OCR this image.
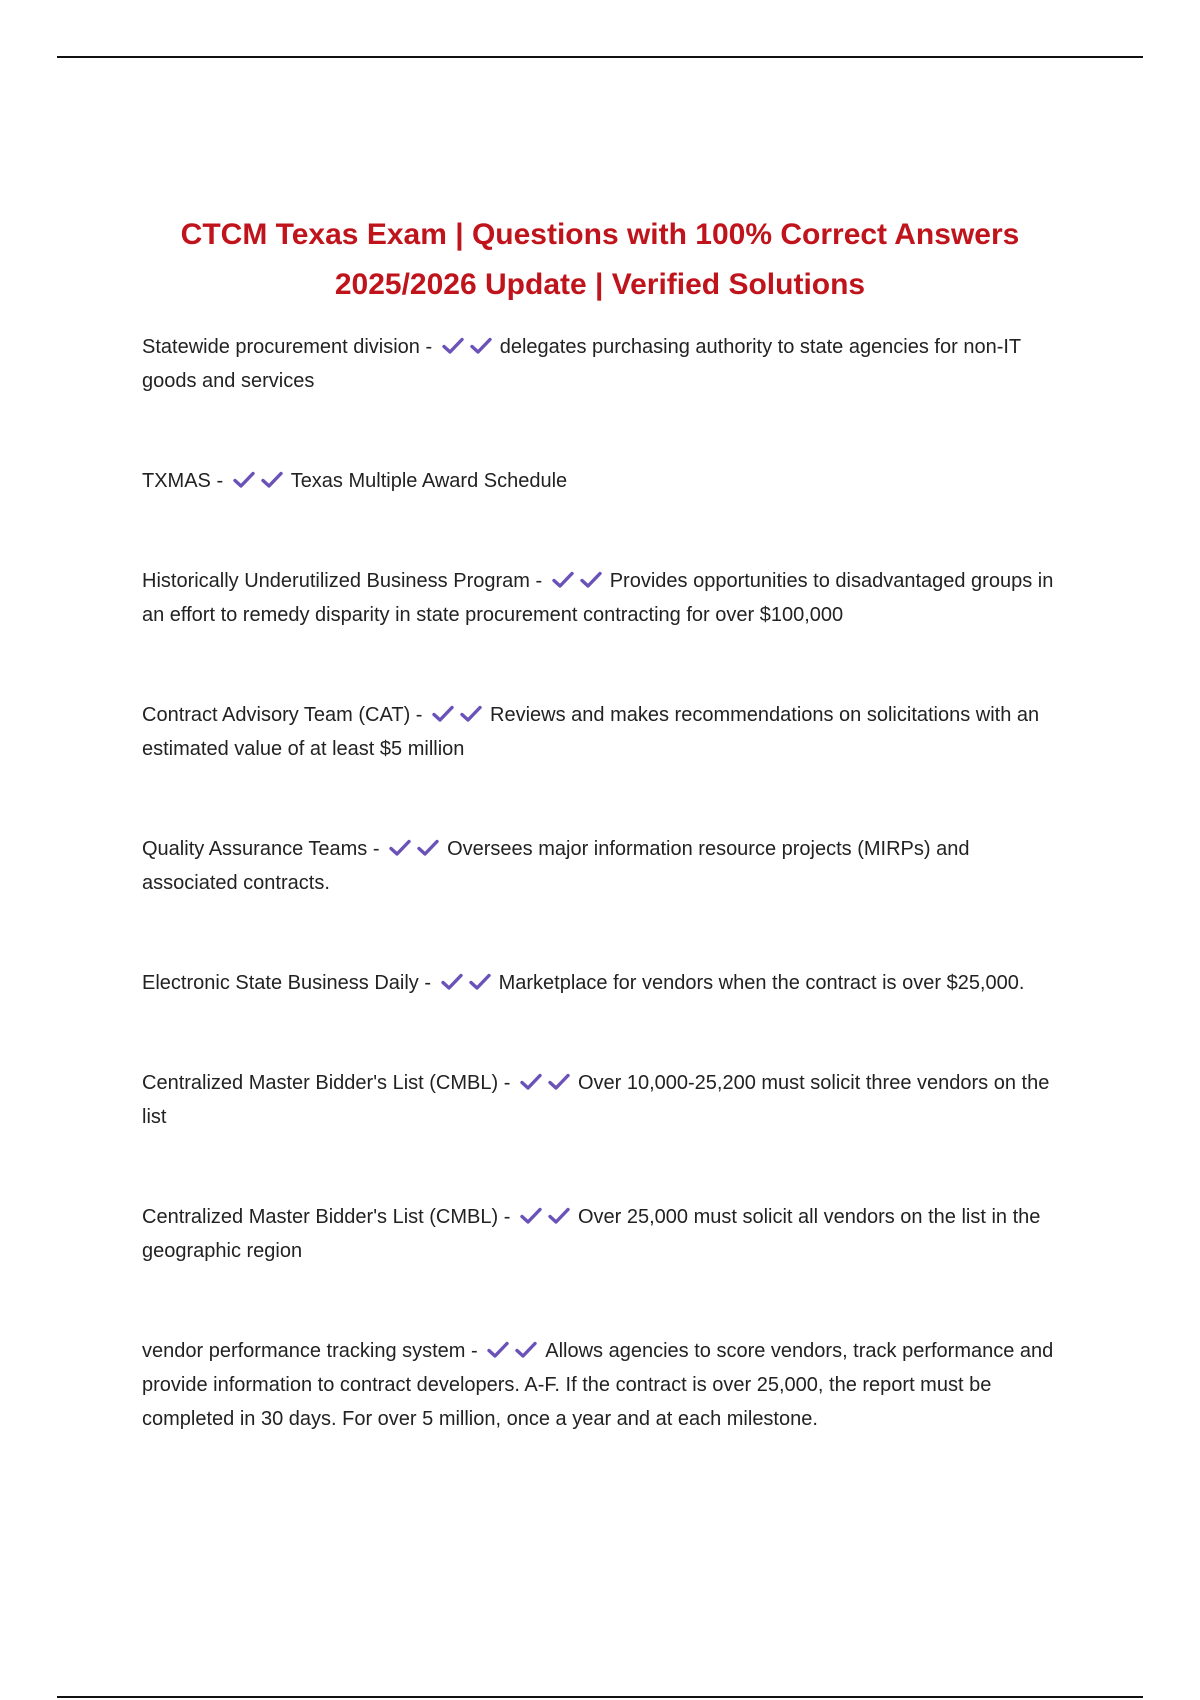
CTCM Texas Exam | Questions with 100% Correct Answers
2025/2026 Update | Verified Solutions
Statewide procurement division -	delegates purchasing authority to state agencies for non-IT goods and services
TXMAS -	Texas Multiple Award Schedule
Historically Underutilized Business Program -	Provides opportunities to disadvantaged groups in an effort to remedy disparity in state procurement contracting for over $100,000
Contract Advisory Team (CAT) -	Reviews and makes recommendations on solicitations with an estimated value of at least $5 million
Quality Assurance Teams -	Oversees major information resource projects (MIRPs) and associated contracts.
Electronic State Business Daily -	Marketplace for vendors when the contract is over $25,000.
Centralized Master Bidder's List (CMBL) -	Over 10,000-25,200 must solicit three vendors on the list
Centralized Master Bidder's List (CMBL) -	Over 25,000 must solicit all vendors on the list in the geographic region
vendor performance tracking system -	Allows agencies to score vendors, track performance and provide information to contract developers. A-F. If the contract is over 25,000, the report must be completed in 30 days. For over 5 million, once a year and at each milestone.
